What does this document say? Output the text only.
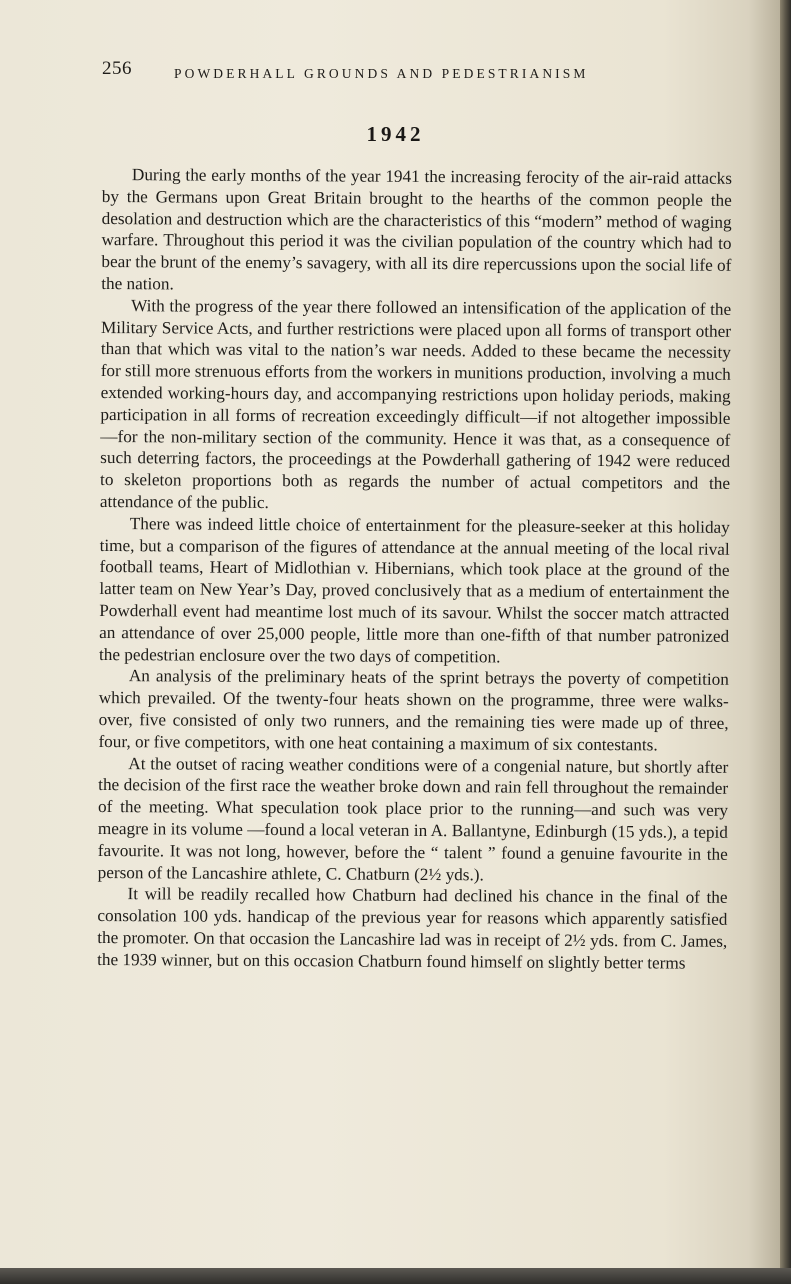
256	POWDERHALL GROUNDS AND PEDESTRIANISM
1942

During the early months of the year 1941 the increasing ferocity of the air-raid attacks by the Germans upon Great Britain brought to the hearths of the common people the desolation and destruction which are the characteristics of this “modern” method of waging warfare. Throughout this period it was the civilian population of the country which had to bear the brunt of the enemy’s savagery, with all its dire repercussions upon the social life of the nation.

With the progress of the year there followed an intensification of the application of the Military Service Acts, and further restrictions were placed upon all forms of transport other than that which was vital to the nation’s war needs. Added to these became the necessity for still more strenuous efforts from the workers in munitions production, involving a much extended working-hours day, and accompanying restrictions upon holiday periods, making participation in all forms of recreation exceedingly difficult—if not altogether impossible—for the non-military section of the community. Hence it was that, as a consequence of such deterring factors, the proceedings at the Powderhall gathering of 1942 were reduced to skeleton proportions both as regards the number of actual competitors and the attendance of the public.

There was indeed little choice of entertainment for the pleasure-seeker at this holiday time, but a comparison of the figures of attendance at the annual meeting of the local rival football teams, Heart of Midlothian v. Hibernians, which took place at the ground of the latter team on New Year’s Day, proved conclusively that as a medium of entertainment the Powderhall event had meantime lost much of its savour. Whilst the soccer match attracted an attendance of over 25,000 people, little more than one-fifth of that number patronized the pedestrian enclosure over the two days of competition.

An analysis of the preliminary heats of the sprint betrays the poverty of competition which prevailed. Of the twenty-four heats shown on the programme, three were walks-over, five consisted of only two runners, and the remaining ties were made up of three, four, or five competitors, with one heat containing a maximum of six contestants.

At the outset of racing weather conditions were of a congenial nature, but shortly after the decision of the first race the weather broke down and rain fell throughout the remainder of the meeting. What speculation took place prior to the running—and such was very meagre in its volume —found a local veteran in A. Ballantyne, Edinburgh (15 yds.), a tepid favourite. It was not long, however, before the “ talent ” found a genuine favourite in the person of the Lancashire athlete, C. Chatburn (2½ yds.).

It will be readily recalled how Chatburn had declined his chance in the final of the consolation 100 yds. handicap of the previous year for reasons which apparently satisfied the promoter. On that occasion the Lancashire lad was in receipt of 2½ yds. from C. James, the 1939 winner, but on this occasion Chatburn found himself on slightly better terms
